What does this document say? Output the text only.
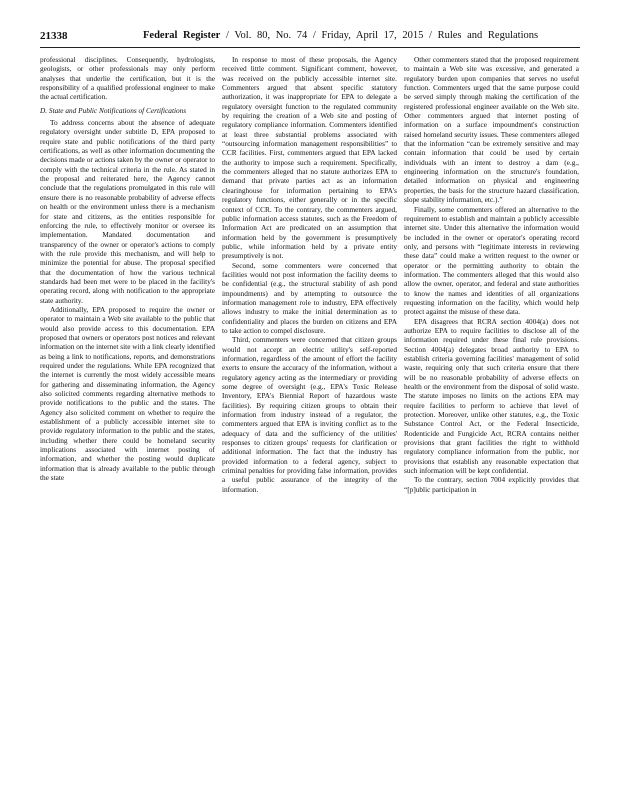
21338	Federal Register / Vol. 80, No. 74 / Friday, April 17, 2015 / Rules and Regulations

professional disciplines. Consequently, hydrologists, geologists, or other professionals may only perform analyses that underlie the certification, but it is the responsibility of a qualified professional engineer to make the actual certification.

D. State and Public Notifications of Certifications

To address concerns about the absence of adequate regulatory oversight under subtitle D, EPA proposed to require state and public notifications of the third party certifications, as well as other information documenting the decisions made or actions taken by the owner or operator to comply with the technical criteria in the rule. As stated in the proposal and reiterated here, the Agency cannot conclude that the regulations promulgated in this rule will ensure there is no reasonable probability of adverse effects on health or the environment unless there is a mechanism for state and citizens, as the entities responsible for enforcing the rule, to effectively monitor or oversee its implementation. Mandated documentation and transparency of the owner or operator's actions to comply with the rule provide this mechanism, and will help to minimize the potential for abuse. The proposal specified that the documentation of how the various technical standards had been met were to be placed in the facility's operating record, along with notification to the appropriate state authority.

Additionally, EPA proposed to require the owner or operator to maintain a Web site available to the public that would also provide access to this documentation. EPA proposed that owners or operators post notices and relevant information on the internet site with a link clearly identified as being a link to notifications, reports, and demonstrations required under the regulations. While EPA recognized that the internet is currently the most widely accessible means for gathering and disseminating information, the Agency also solicited comments regarding alternative methods to provide notifications to the public and the states. The Agency also solicited comment on whether to require the establishment of a publicly accessible internet site to provide regulatory information to the public and the states, including whether there could be homeland security implications associated with internet posting of information, and whether the posting would duplicate information that is already available to the public through the state

In response to most of these proposals, the Agency received little comment. Significant comment, however, was received on the publicly accessible internet site. Commenters argued that absent specific statutory authorization, it was inappropriate for EPA to delegate a regulatory oversight function to the regulated community by requiring the creation of a Web site and posting of regulatory compliance information. Commenters identified at least three substantial problems associated with “outsourcing information management responsibilities” to CCR facilities. First, commenters argued that EPA lacked the authority to impose such a requirement. Specifically, the commenters alleged that no statute authorizes EPA to demand that private parties act as an information clearinghouse for information pertaining to EPA's regulatory functions, either generally or in the specific context of CCR. To the contrary, the commenters argued, public information access statutes, such as the Freedom of Information Act are predicated on an assumption that information held by the government is presumptively public, while information held by a private entity presumptively is not.

Second, some commenters were concerned that facilities would not post information the facility deems to be confidential (e.g., the structural stability of ash pond impoundments) and by attempting to outsource the information management role to industry, EPA effectively allows industry to make the initial determination as to confidentiality and places the burden on citizens and EPA to take action to compel disclosure.

Third, commenters were concerned that citizen groups would not accept an electric utility's self-reported information, regardless of the amount of effort the facility exerts to ensure the accuracy of the information, without a regulatory agency acting as the intermediary or providing some degree of oversight (e.g., EPA's Toxic Release Inventory, EPA's Biennial Report of hazardous waste facilities). By requiring citizen groups to obtain their information from industry instead of a regulator, the commenters argued that EPA is inviting conflict as to the adequacy of data and the sufficiency of the utilities' responses to citizen groups' requests for clarification or additional information. The fact that the industry has provided information to a federal agency, subject to criminal penalties for providing false information, provides a useful public assurance of the integrity of the information.

Other commenters stated that the proposed requirement to maintain a Web site was excessive, and generated a regulatory burden upon companies that serves no useful function. Commenters urged that the same purpose could be served simply through making the certification of the registered professional engineer available on the Web site. Other commenters argued that internet posting of information on a surface impoundment's construction raised homeland security issues. These commenters alleged that the information “can be extremely sensitive and may contain information that could be used by certain individuals with an intent to destroy a dam (e.g., engineering information on the structure's foundation, detailed information on physical and engineering properties, the basis for the structure hazard classification, slope stability information, etc.).”

Finally, some commenters offered an alternative to the requirement to establish and maintain a publicly accessible internet site. Under this alternative the information would be included in the owner or operator's operating record only, and persons with “legitimate interests in reviewing these data” could make a written request to the owner or operator or the permitting authority to obtain the information. The commenters alleged that this would also allow the owner, operator, and federal and state authorities to know the names and identities of all organizations requesting information on the facility, which would help protect against the misuse of these data.

EPA disagrees that RCRA section 4004(a) does not authorize EPA to require facilities to disclose all of the information required under these final rule provisions. Section 4004(a) delegates broad authority to EPA to establish criteria governing facilities' management of solid waste, requiring only that such criteria ensure that there will be no reasonable probability of adverse effects on health or the environment from the disposal of solid waste. The statute imposes no limits on the actions EPA may require facilities to perform to achieve that level of protection. Moreover, unlike other statutes, e.g., the Toxic Substance Control Act, or the Federal Insecticide, Rodenticide and Fungicide Act, RCRA contains neither provisions that grant facilities the right to withhold regulatory compliance information from the public, nor provisions that establish any reasonable expectation that such information will be kept confidential.

To the contrary, section 7004 explicitly provides that “[p]ublic participation in
